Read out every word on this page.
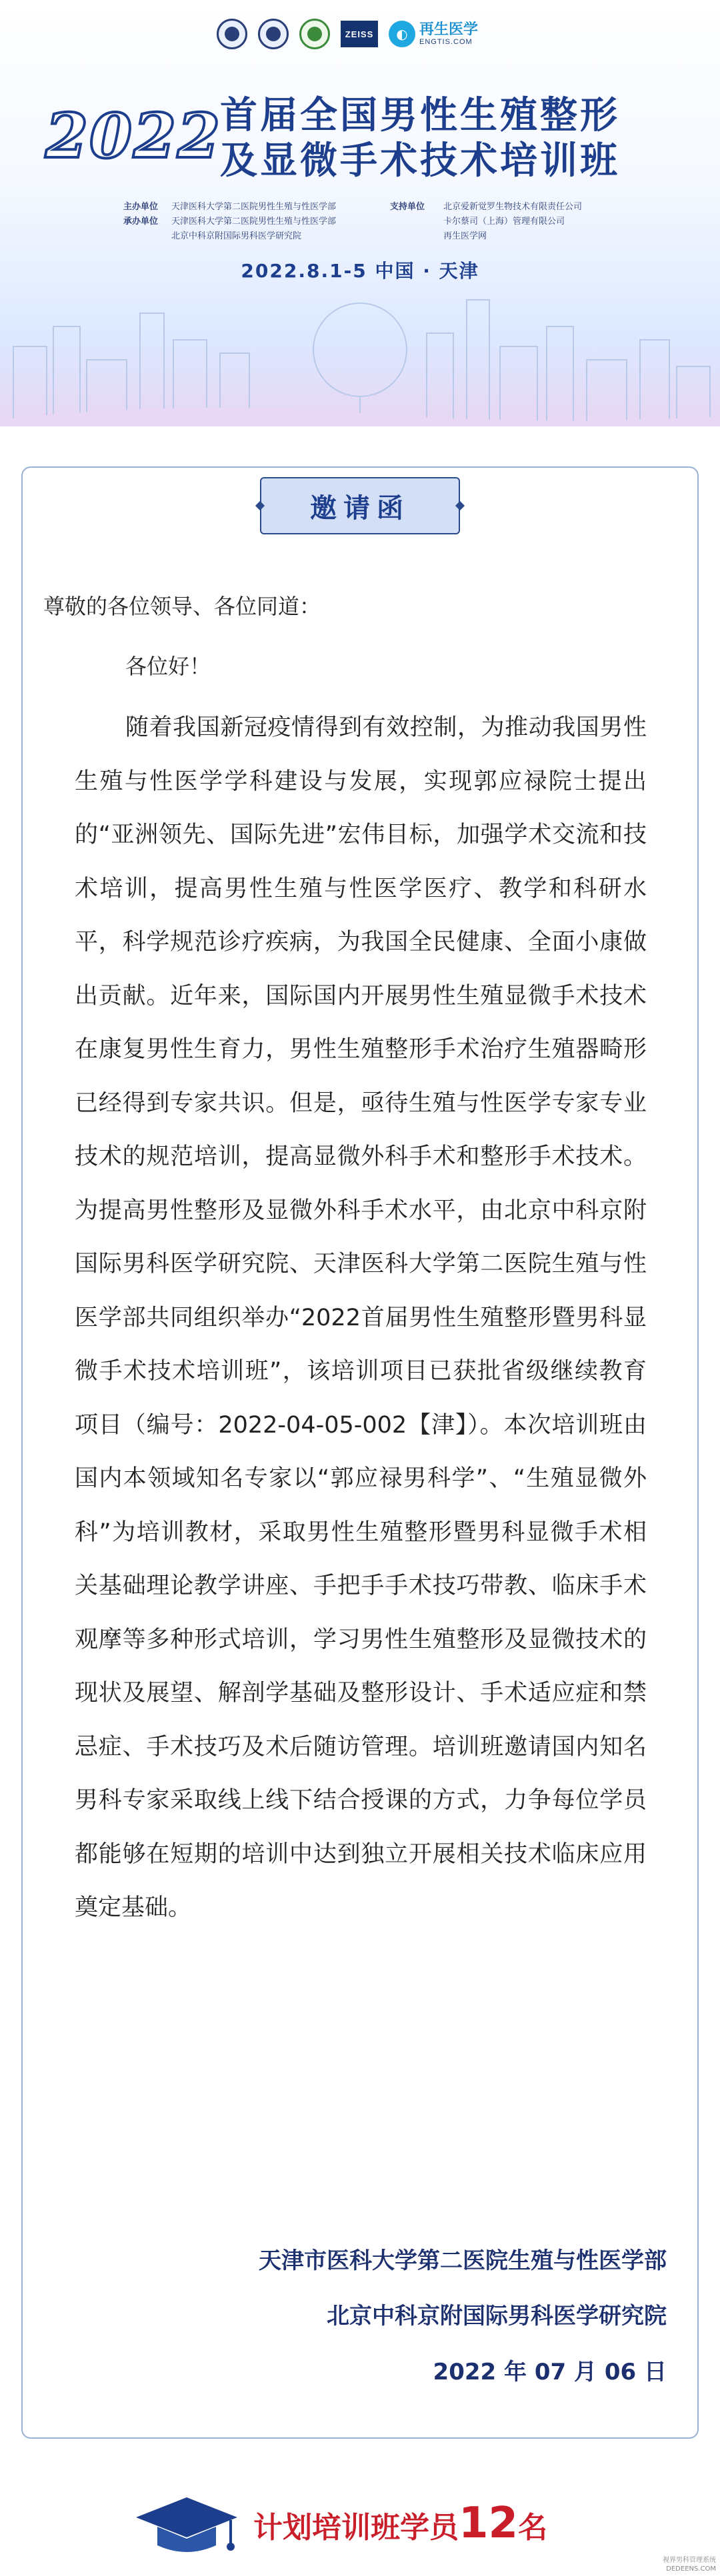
ZEISS	◐ 再生医学
ENGTIS.COM
2022
首届全国男性生殖整形
及显微手术技术培训班
主办单位	天津医科大学第二医院男性生殖与性医学部
承办单位	天津医科大学第二医院男性生殖与性医学部
北京中科京附国际男科医学研究院
支持单位	北京爱新觉罗生物技术有限责任公司
卡尔蔡司（上海）管理有限公司
再生医学网
2022.8.1-5 中国 · 天津
邀请函
尊敬的各位领导、各位同道：
各位好！
随着我国新冠疫情得到有效控制，为推动我国男性生殖与性医学学科建设与发展，实现郭应禄院士提出的“亚洲领先、国际先进”宏伟目标，加强学术交流和技术培训，提高男性生殖与性医学医疗、教学和科研水平，科学规范诊疗疾病，为我国全民健康、全面小康做出贡献。近年来，国际国内开展男性生殖显微手术技术在康复男性生育力，男性生殖整形手术治疗生殖器畸形已经得到专家共识。但是，亟待生殖与性医学专家专业技术的规范培训，提高显微外科手术和整形手术技术。为提高男性整形及显微外科手术水平，由北京中科京附国际男科医学研究院、天津医科大学第二医院生殖与性医学部共同组织举办“2022首届男性生殖整形暨男科显微手术技术培训班”，该培训项目已获批省级继续教育项目（编号：2022-04-05-002【津】）。本次培训班由国内本领域知名专家以“郭应禄男科学”、“生殖显微外科”为培训教材，采取男性生殖整形暨男科显微手术相关基础理论教学讲座、手把手手术技巧带教、临床手术观摩等多种形式培训，学习男性生殖整形及显微技术的现状及展望、解剖学基础及整形设计、手术适应症和禁忌症、手术技巧及术后随访管理。培训班邀请国内知名男科专家采取线上线下结合授课的方式，力争每位学员都能够在短期的培训中达到独立开展相关技术临床应用奠定基础。
天津市医科大学第二医院生殖与性医学部
北京中科京附国际男科医学研究院
2022 年 07 月 06 日
计划培训班学员12名
视界男科管理系统
DEDEENS.COM
